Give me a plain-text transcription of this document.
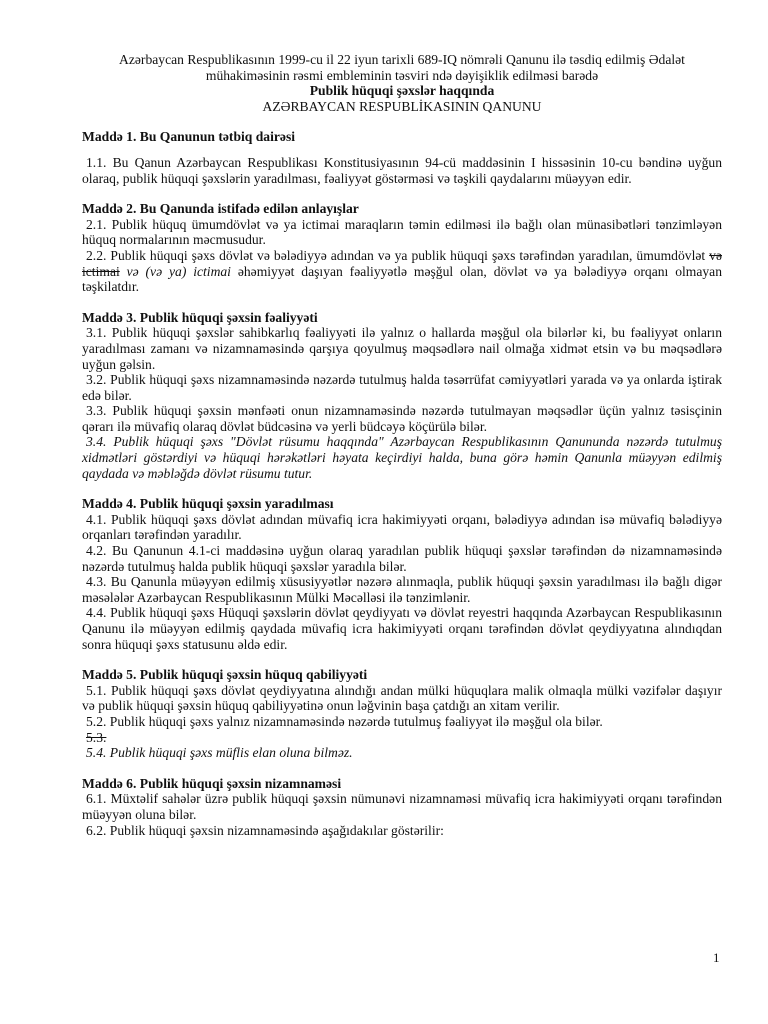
Azərbaycan Respublikasının 1999-cu il 22 iyun tarixli 689-IQ nömrəli Qanunu ilə təsdiq edilmiş Ədalət mühakiməsinin rəsmi embleminin təsviri ndə dəyişiklik edilməsi barədə
Publik hüquqi şəxslər haqqında
AZƏRBAYCAN RESPUBLİKASININ QANUNU

Maddə 1. Bu Qanunun tətbiq dairəsi

1.1. Bu Qanun Azərbaycan Respublikası Konstitusiyasının 94-cü maddəsinin I hissəsinin 10-cu bəndinə uyğun olaraq, publik hüquqi şəxslərin yaradılması, fəaliyyət göstərməsi və təşkili qaydalarını müəyyən edir.

Maddə 2. Bu Qanunda istifadə edilən anlayışlar

2.1. Publik hüquq ümumdövlət və ya ictimai maraqların təmin edilməsi ilə bağlı olan münasibətləri tənzimləyən hüquq normalarının məcmusudur.

2.2. Publik hüquqi şəxs dövlət və bələdiyyə adından və ya publik hüquqi şəxs tərəfindən yaradılan, ümumdövlət və ictimai və (və ya) ictimai əhəmiyyət daşıyan fəaliyyətlə məşğul olan, dövlət və ya bələdiyyə orqanı olmayan təşkilatdır.

Maddə 3. Publik hüquqi şəxsin fəaliyyəti

3.1. Publik hüquqi şəxslər sahibkarlıq fəaliyyəti ilə yalnız o hallarda məşğul ola bilərlər ki, bu fəaliyyət onların yaradılması zamanı və nizamnaməsində qarşıya qoyulmuş məqsədlərə nail olmağa xidmət etsin və bu məqsədlərə uyğun gəlsin.

3.2. Publik hüquqi şəxs nizamnaməsində nəzərdə tutulmuş halda təsərrüfat cəmiyyətləri yarada və ya onlarda iştirak edə bilər.

3.3. Publik hüquqi şəxsin mənfəəti onun nizamnaməsində nəzərdə tutulmayan məqsədlər üçün yalnız təsisçinin qərarı ilə müvafiq olaraq dövlət büdcəsinə və yerli büdcəyə köçürülə bilər.

3.4. Publik hüquqi şəxs "Dövlət rüsumu haqqında" Azərbaycan Respublikasının Qanununda nəzərdə tutulmuş xidmətləri göstərdiyi və hüquqi hərəkətləri həyata keçirdiyi halda, buna görə həmin Qanunla müəyyən edilmiş qaydada və məbləğdə dövlət rüsumu tutur.

Maddə 4. Publik hüquqi şəxsin yaradılması

4.1. Publik hüquqi şəxs dövlət adından müvafiq icra hakimiyyəti orqanı, bələdiyyə adından isə müvafiq bələdiyyə orqanları tərəfindən yaradılır.

4.2. Bu Qanunun 4.1-ci maddəsinə uyğun olaraq yaradılan publik hüquqi şəxslər tərəfindən də nizamnaməsində nəzərdə tutulmuş halda publik hüquqi şəxslər yaradıla bilər.

4.3. Bu Qanunla müəyyən edilmiş xüsusiyyətlər nəzərə alınmaqla, publik hüquqi şəxsin yaradılması ilə bağlı digər məsələlər Azərbaycan Respublikasının Mülki Məcəlləsi ilə tənzimlənir.

4.4. Publik hüquqi şəxs Hüquqi şəxslərin dövlət qeydiyyatı və dövlət reyestri haqqında Azərbaycan Respublikasının Qanunu ilə müəyyən edilmiş qaydada müvafiq icra hakimiyyəti orqanı tərəfindən dövlət qeydiyyatına alındıqdan sonra hüquqi şəxs statusunu əldə edir.

Maddə 5. Publik hüquqi şəxsin hüquq qabiliyyəti

5.1. Publik hüquqi şəxs dövlət qeydiyyatına alındığı andan mülki hüquqlara malik olmaqla mülki vəzifələr daşıyır və publik hüquqi şəxsin hüquq qabiliyyətinə onun ləğvinin başa çatdığı an xitam verilir.

5.2. Publik hüquqi şəxs yalnız nizamnaməsində nəzərdə tutulmuş fəaliyyət ilə məşğul ola bilər.

5.3.

5.4. Publik hüquqi şəxs müflis elan oluna bilməz.

Maddə 6. Publik hüquqi şəxsin nizamnaməsi

6.1. Müxtəlif sahələr üzrə publik hüquqi şəxsin nümunəvi nizamnaməsi müvafiq icra hakimiyyəti orqanı tərəfindən müəyyən oluna bilər.

6.2. Publik hüquqi şəxsin nizamnaməsində aşağıdakılar göstərilir:

1
